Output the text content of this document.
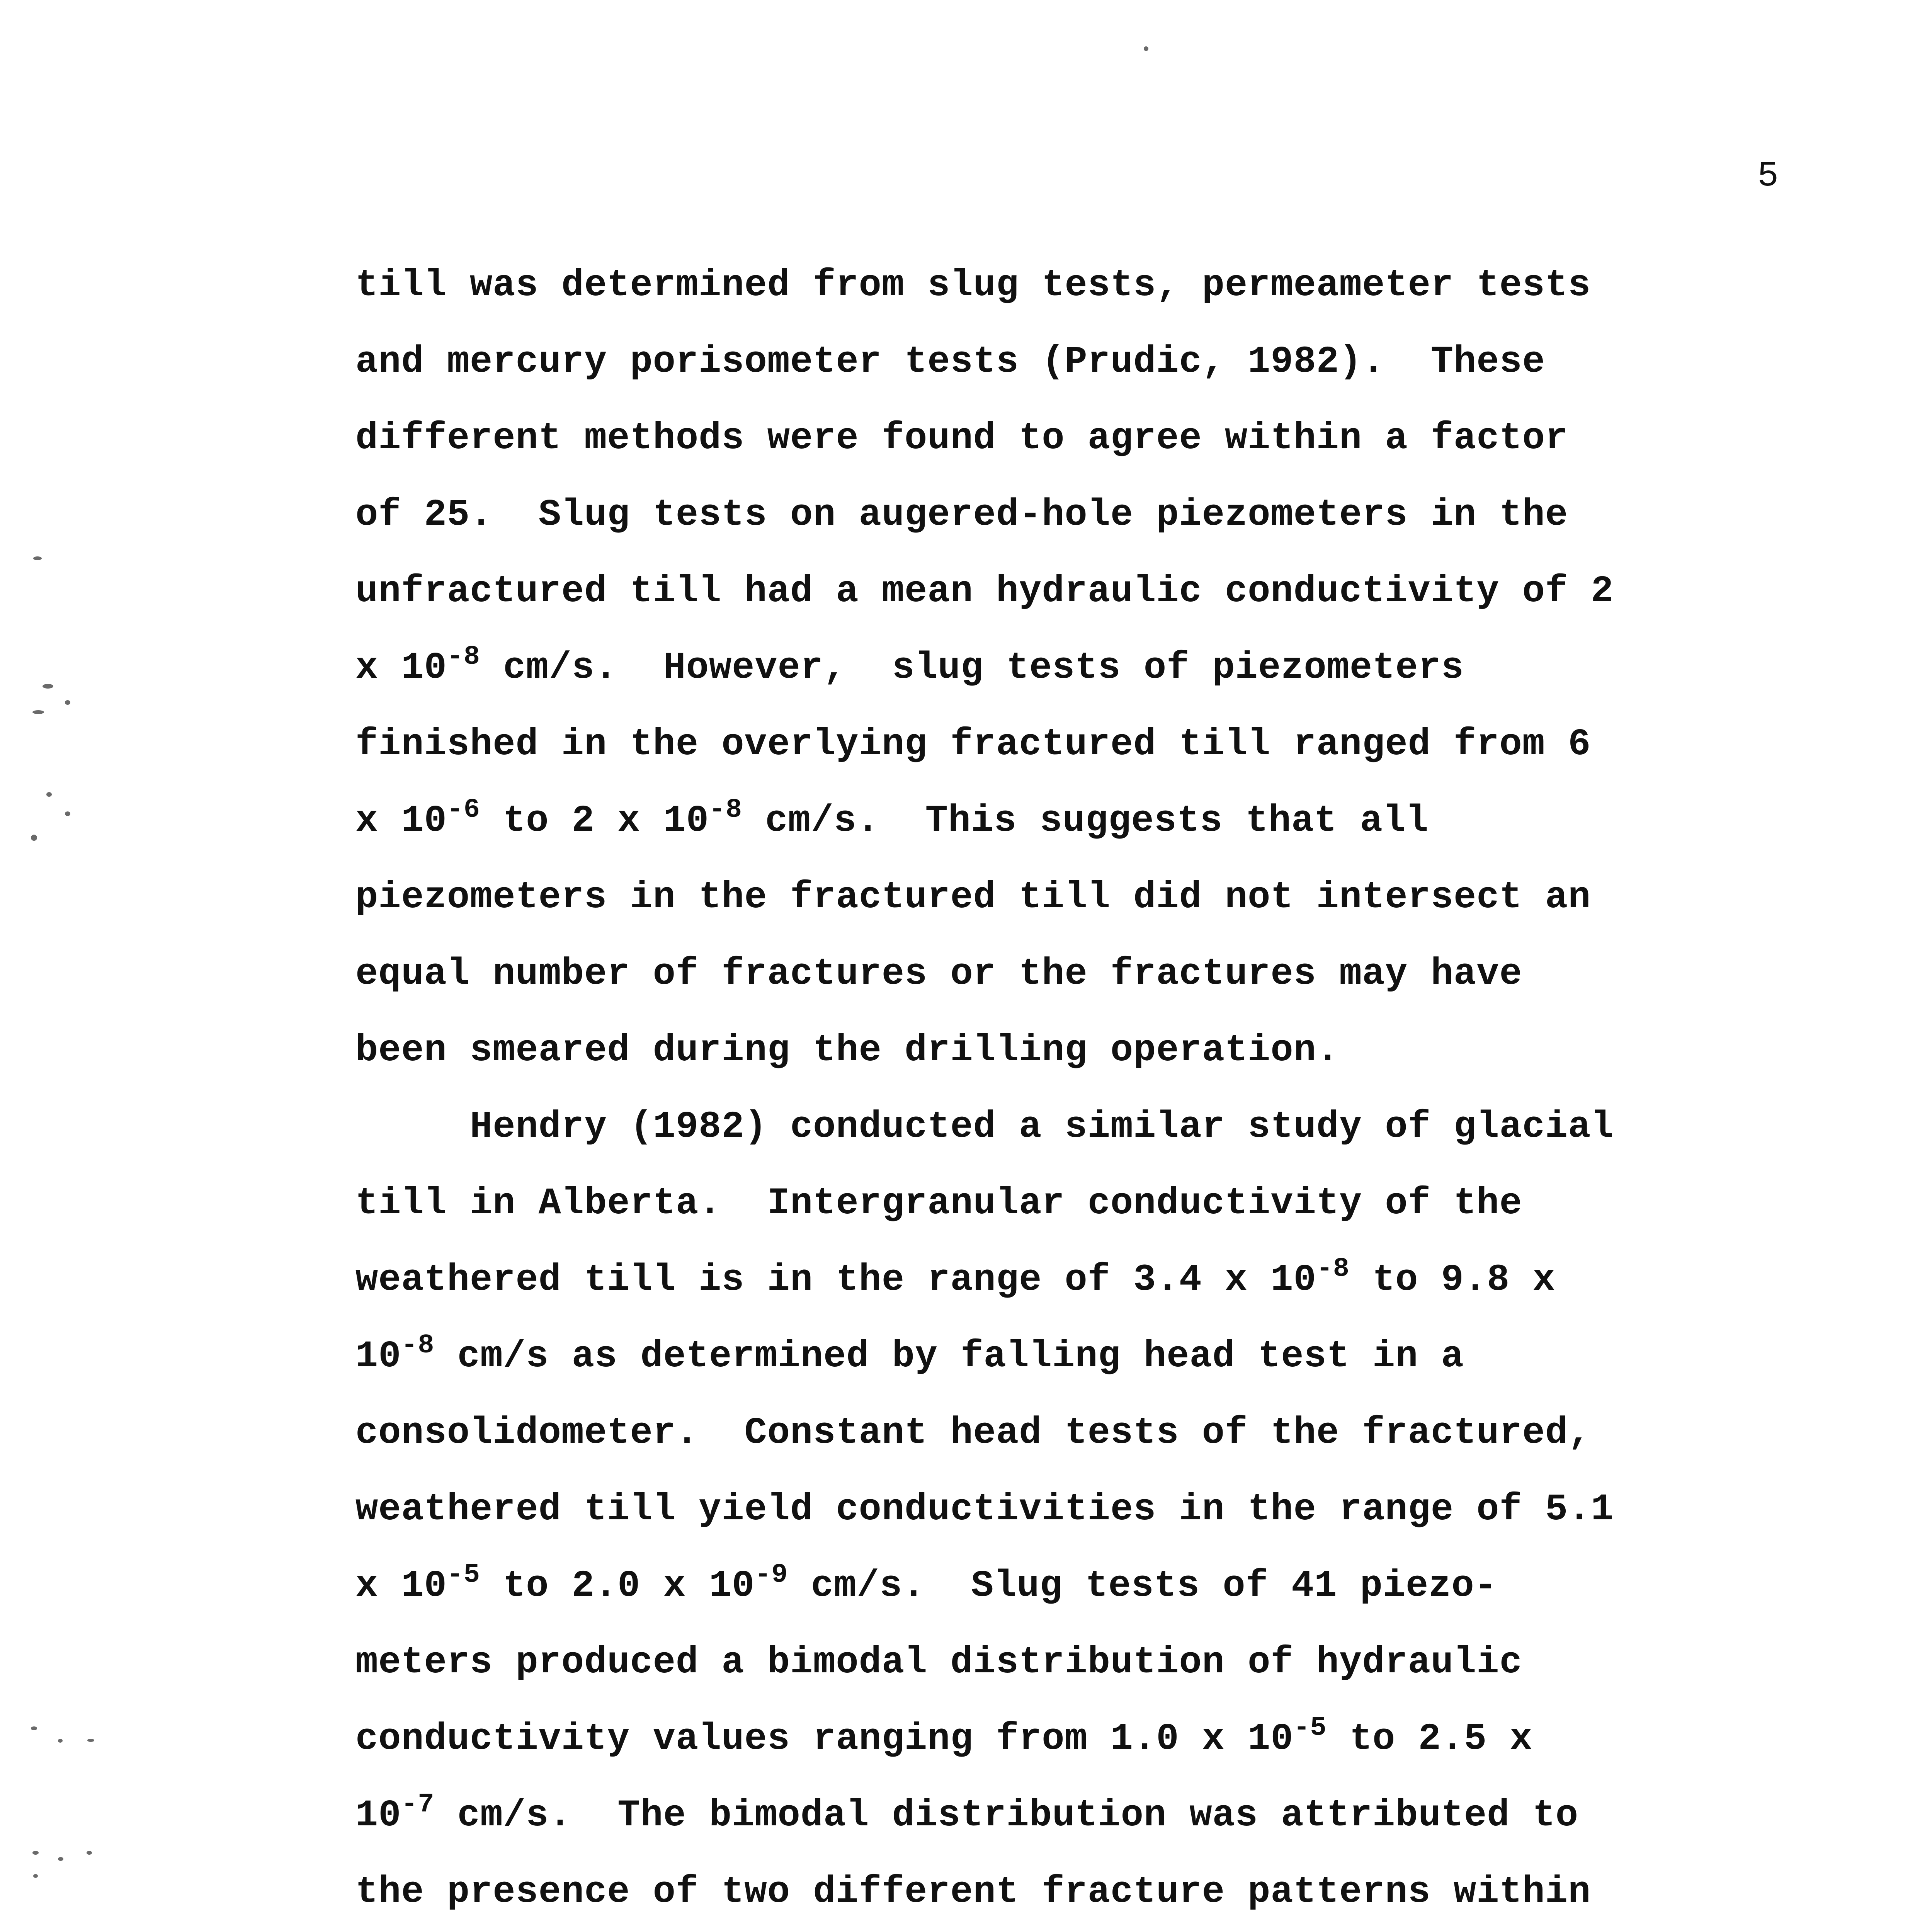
5
till was determined from slug tests, permeameter tests
and mercury porisometer tests (Prudic, 1982).  These
different methods were found to agree within a factor
of 25.  Slug tests on augered-hole piezometers in the
unfractured till had a mean hydraulic conductivity of 2
x $10^{-8}$ cm/s.  However,  slug tests of piezometers
finished in the overlying fractured till ranged from 6
x $10^{-6}$ to 2 x $10^{-8}$ cm/s.  This suggests that all
piezometers in the fractured till did not intersect an
equal number of fractures or the fractures may have
been smeared during the drilling operation.
Hendry (1982) conducted a similar study of glacial
till in Alberta.  Intergranular conductivity of the
weathered till is in the range of 3.4 x $10^{-8}$ to 9.8 x
$10^{-8}$ cm/s as determined by falling head test in a
consolidometer.  Constant head tests of the fractured,
weathered till yield conductivities in the range of 5.1
x $10^{-5}$ to 2.0 x $10^{-9}$ cm/s.  Slug tests of 41 piezo-
meters produced a bimodal distribution of hydraulic
conductivity values ranging from 1.0 x $10^{-5}$ to 2.5 x
$10^{-7}$ cm/s.  The bimodal distribution was attributed to
the presence of two different fracture patterns within
